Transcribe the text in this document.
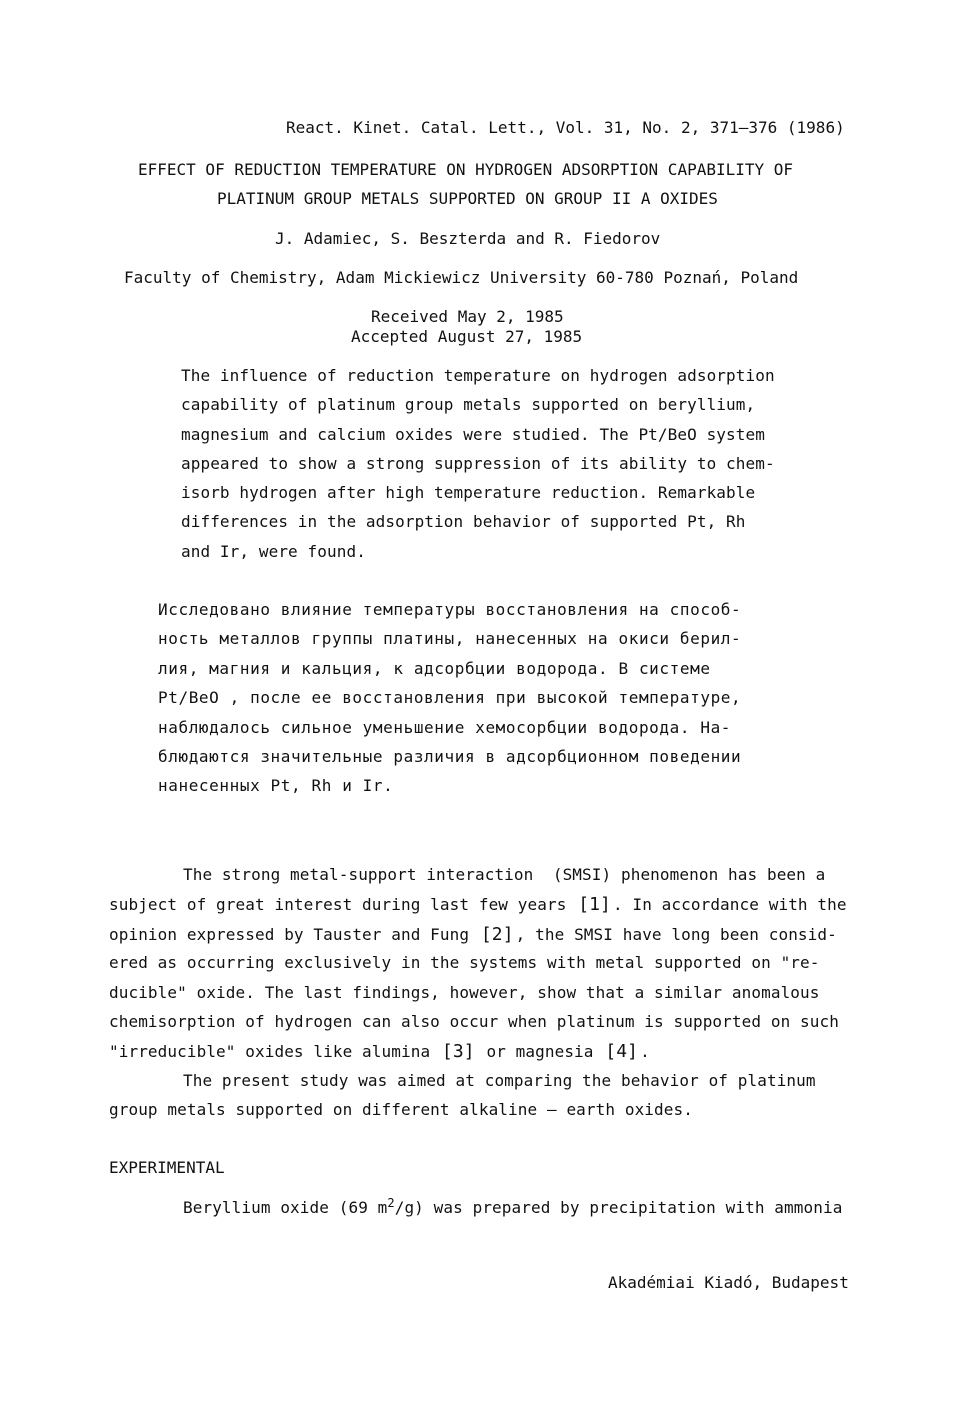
React. Kinet. Catal. Lett., Vol. 31, No. 2, 371–376 (1986)
EFFECT OF REDUCTION TEMPERATURE ON HYDROGEN ADSORPTION CAPABILITY OF
PLATINUM GROUP METALS SUPPORTED ON GROUP II A OXIDES
J. Adamiec, S. Beszterda and R. Fiedorov
Faculty of Chemistry, Adam Mickiewicz University 60-780 Poznań, Poland
Received May 2, 1985
Accepted August 27, 1985
The influence of reduction temperature on hydrogen adsorption
capability of platinum group metals supported on beryllium,
magnesium and calcium oxides were studied. The Pt/BeO system
appeared to show a strong suppression of its ability to chem-
isorb hydrogen after high temperature reduction. Remarkable
differences in the adsorption behavior of supported Pt, Rh
and Ir, were found.
Исследовано влияние температуры восстановления на способ-
ность металлов группы платины, нанесенных на окиси берил-
лия, магния и кальция, к адсорбции водорода. В системе
Pt/BeO , после ее восстановления при высокой температуре,
наблюдалось сильное уменьшение хемосорбции водорода. На-
блюдаются значительные различия в адсорбционном поведении
нанесенных Pt, Rh и Ir.
The strong metal-support interaction  (SMSI) phenomenon has been a
subject of great interest during last few years [1] . In accordance with the
opinion expressed by Tauster and Fung [2] , the SMSI have long been consid-
ered as occurring exclusively in the systems with metal supported on "re-
ducible" oxide. The last findings, however, show that a similar anomalous
chemisorption of hydrogen can also occur when platinum is supported on such
"irreducible" oxides like alumina [3] or magnesia [4] .
The present study was aimed at comparing the behavior of platinum
group metals supported on different alkaline — earth oxides.
EXPERIMENTAL
Beryllium oxide (69 $m^2/g$) was prepared by precipitation with ammonia
Akadémiai Kiadó, Budapest
